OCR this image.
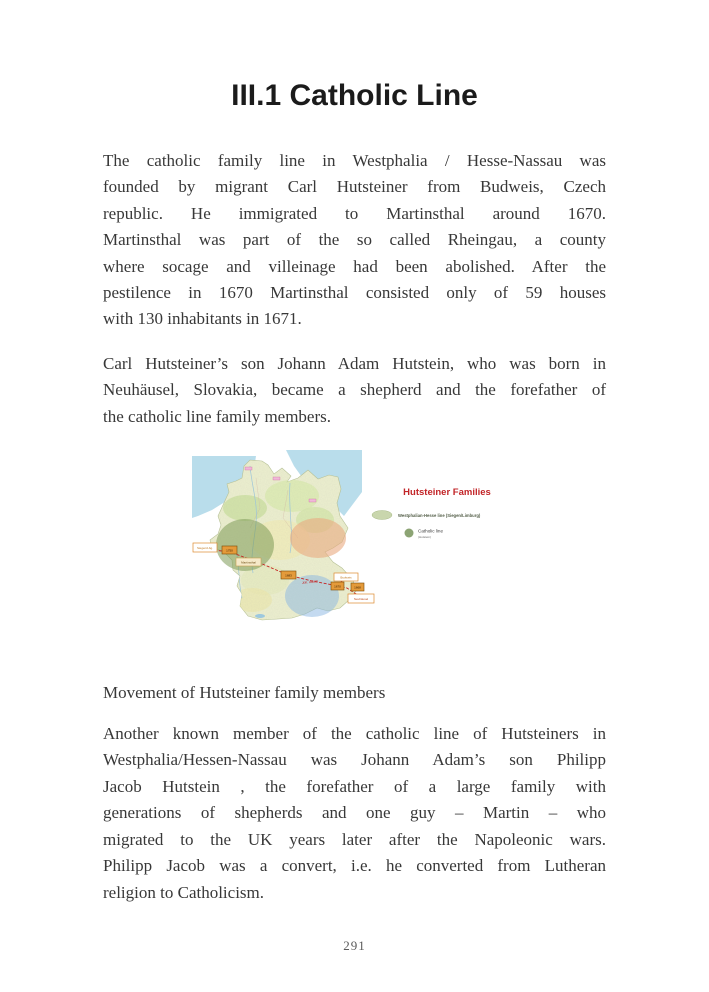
III.1 Catholic Line
The catholic family line in Westphalia / Hesse-Nassau was
founded by migrant Carl Hutsteiner from Budweis, Czech
republic. He immigrated to Martinsthal around 1670.
Martinsthal was part of the so called Rheingau, a county
where socage and villeinage had been abolished. After the
pestilence in 1670 Martinsthal consisted only of 59 houses
with 130 inhabitants in 1671.
Carl Hutsteiner’s son Johann Adam Hutstein, who was born in
Neuhäusel, Slovakia, became a shepherd and the forefather of
the catholic line family members.
Siegen/Lbg.
1750
Martinsthal
1683	Budweis
1670	1668
Neuhäusel
Joh. Adam
Hutsteiner Families
Westphalian-Hesse line (Siegen/Limburg)
Catholic line
(Hutstein)

Movement of Hutsteiner family members

Another known member of the catholic line of Hutsteiners in
Westphalia/Hessen-Nassau was Johann Adam’s son Philipp
Jacob Hutstein , the forefather of a large family with
generations of shepherds and one guy – Martin – who
migrated to the UK years later after the Napoleonic wars.
Philipp Jacob was a convert, i.e. he converted from Lutheran
religion to Catholicism.
291
